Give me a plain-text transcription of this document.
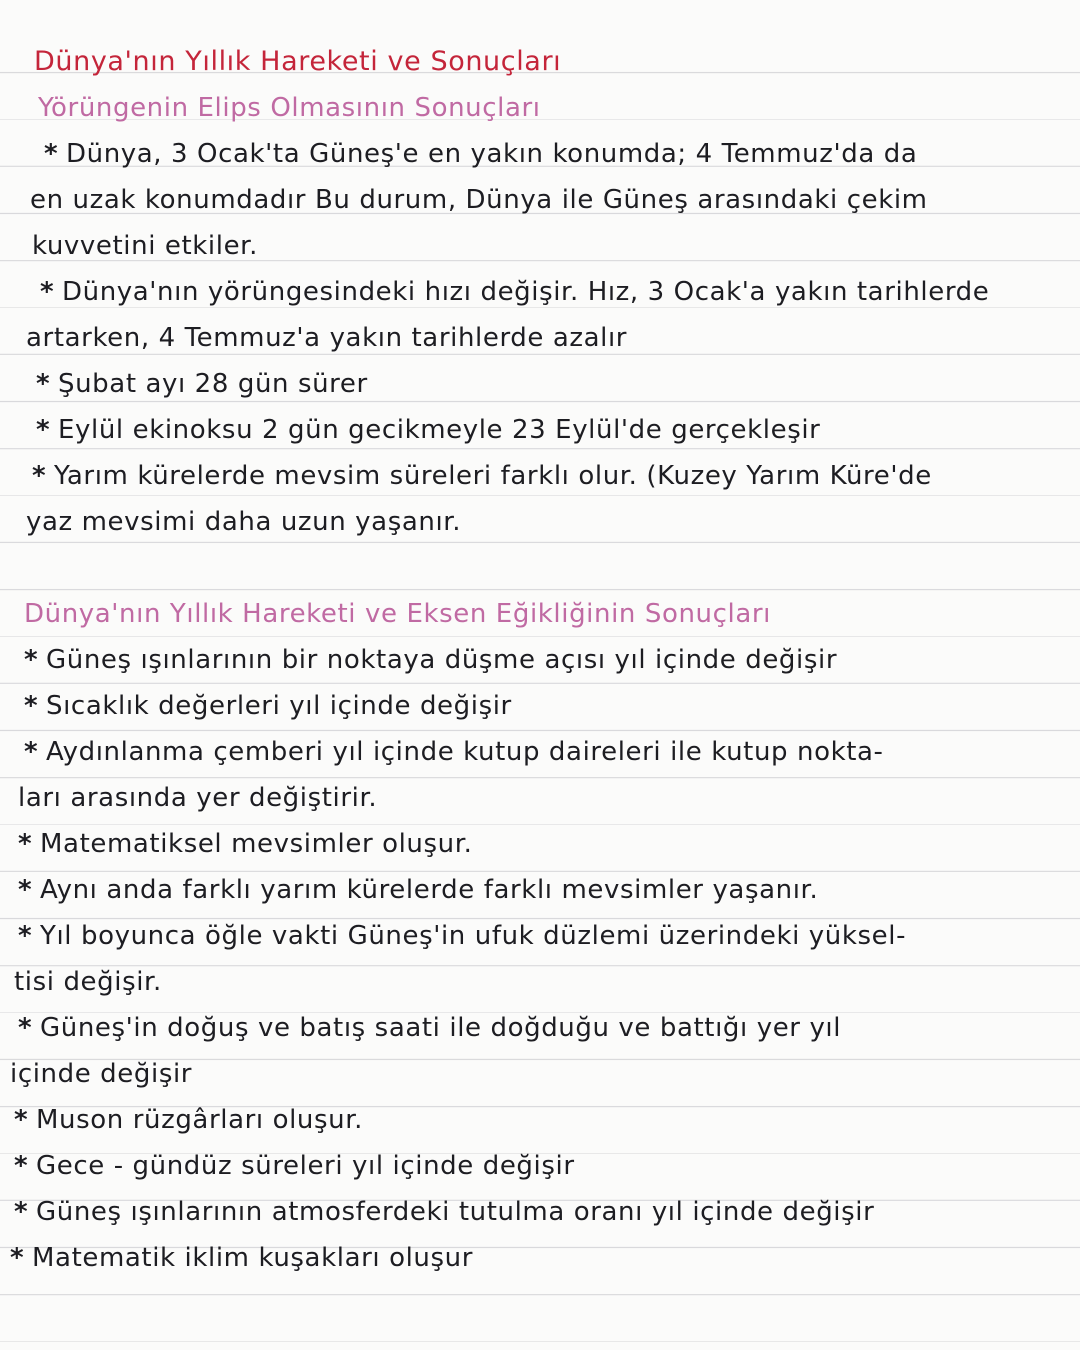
Dünya'nın Yıllık Hareketi ve Sonuçları
Yörüngenin Elips Olmasının Sonuçları
* Dünya, 3 Ocak'ta Güneş'e en yakın konumda; 4 Temmuz'da da
en uzak konumdadır Bu durum, Dünya ile Güneş arasındaki çekim
kuvvetini etkiler.
* Dünya'nın yörüngesindeki hızı değişir. Hız, 3 Ocak'a yakın tarihlerde
artarken, 4 Temmuz'a yakın tarihlerde azalır
* Şubat ayı 28 gün sürer
* Eylül ekinoksu 2 gün gecikmeyle 23 Eylül'de gerçekleşir
* Yarım kürelerde mevsim süreleri farklı olur. (Kuzey Yarım Küre'de
yaz mevsimi daha uzun yaşanır.
Dünya'nın Yıllık Hareketi ve Eksen Eğikliğinin Sonuçları
* Güneş ışınlarının bir noktaya düşme açısı yıl içinde değişir
* Sıcaklık değerleri yıl içinde değişir
* Aydınlanma çemberi yıl içinde kutup daireleri ile kutup nokta-
ları arasında yer değiştirir.
* Matematiksel mevsimler oluşur.
* Aynı anda farklı yarım kürelerde farklı mevsimler yaşanır.
* Yıl boyunca öğle vakti Güneş'in ufuk düzlemi üzerindeki yüksel-
tisi değişir.
* Güneş'in doğuş ve batış saati ile doğduğu ve battığı yer yıl
içinde değişir
* Muson rüzgârları oluşur.
* Gece - gündüz süreleri yıl içinde değişir
* Güneş ışınlarının atmosferdeki tutulma oranı yıl içinde değişir
* Matematik iklim kuşakları oluşur
